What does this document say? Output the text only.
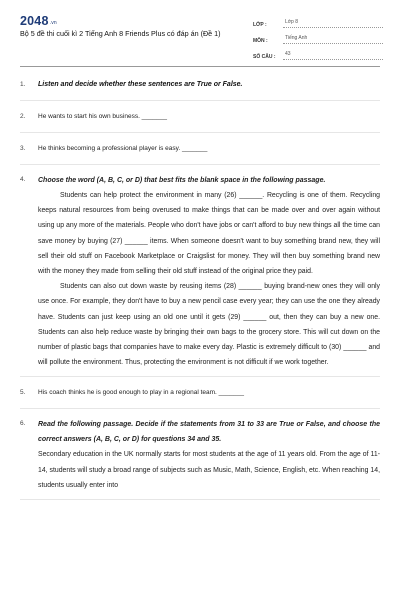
2048.vn
Bộ 5 đề thi cuối kì 2 Tiếng Anh 8 Friends Plus có đáp án (Đề 1)
LỚP :	Lớp 8
MÔN :	Tiếng Anh
SỐ CÂU :	43
1.	Listen and decide whether these sentences are True or False.
2.	He wants to start his own business. _______
3.	He thinks becoming a professional player is easy. _______
4.	Choose the word (A, B, C, or D) that best fits the blank space in the following passage.

Students can help protect the environment in many (26) ______. Recycling is one of them. Recycling keeps natural resources from being overused to make things that can be made over and over again without using up any more of the materials. People who don't have jobs or can't afford to buy new things all the time can save money by buying (27) ______ items. When someone doesn't want to buy something brand new, they will sell their old stuff on Facebook Marketplace or Craigslist for money. They will then buy something brand new with the money they made from selling their old stuff instead of the original price they paid.

Students can also cut down waste by reusing items (28) ______ buying brand-new ones they will only use once. For example, they don't have to buy a new pencil case every year; they can use the one they already have. Students can just keep using an old one until it gets (29) ______ out, then they can buy a new one. Students can also help reduce waste by bringing their own bags to the grocery store. This will cut down on the number of plastic bags that companies have to make every day. Plastic is extremely difficult to (30) ______ and will pollute the environment. Thus, protecting the environment is not difficult if we work together.

5.	His coach thinks he is good enough to play in a regional team. _______
6.	Read the following passage. Decide if the statements from 31 to 33 are True or False, and choose the correct answers (A, B, C, or D) for questions 34 and 35.

Secondary education in the UK normally starts for most students at the age of 11 years old. From the age of 11-14, students will study a broad range of subjects such as Music, Math, Science, English, etc. When reaching 14, students usually enter into
